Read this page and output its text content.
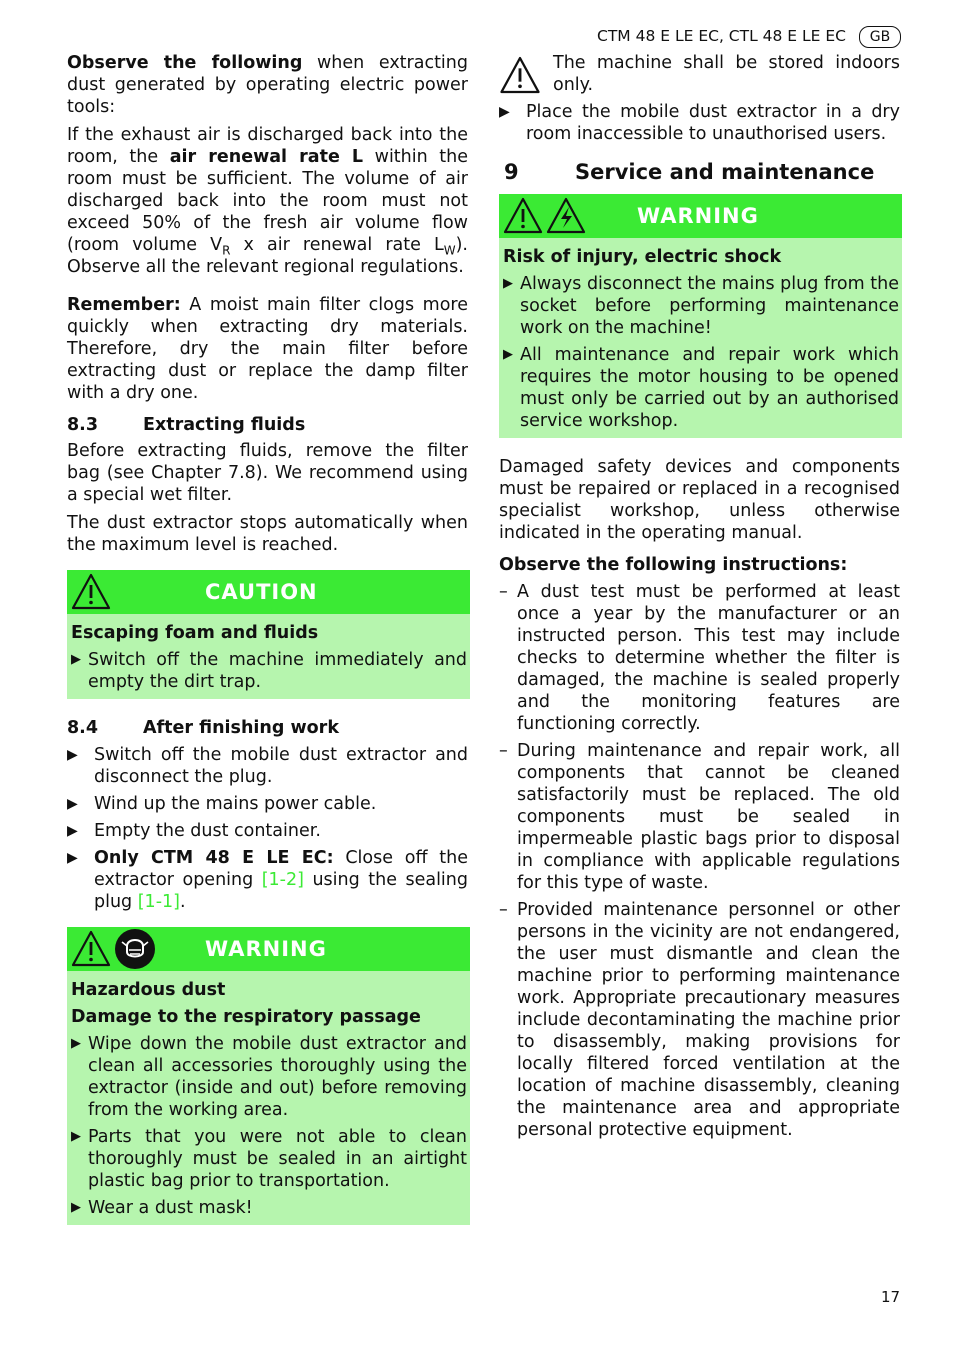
CTM 48 E LE EC, CTL 48 E LE EC	GB

Observe the following when extracting dust generated by operating electric power tools:

If the exhaust air is discharged back into the room, the air renewal rate L within the room must be sufficient. The volume of air discharged back into the room must not exceed 50% of the fresh air volume flow (room volume $V_R$ x air renewal rate $L_W$). Observe all the relevant regional regulations.

Remember: A moist main filter clogs more quickly when extracting dry materials. Therefore, dry the main filter before extracting dust or replace the damp filter with a dry one.

8.3	Extracting fluids

Before extracting fluids, remove the filter bag (see Chapter 7.8). We recommend using a special wet filter.

The dust extractor stops automatically when the maximum level is reached.

CAUTION
Escaping foam and fluids
▶ Switch off the machine immediately and empty the dirt trap.
8.4	After finishing work
▶ Switch off the mobile dust extractor and disconnect the plug.
▶ Wind up the mains power cable.
▶ Empty the dust container.
▶ Only CTM 48 E LE EC: Close off the extractor opening [1-2] using the sealing plug [1-1].
WARNING
Hazardous dust
Damage to the respiratory passage
▶ Wipe down the mobile dust extractor and clean all accessories thoroughly using the extractor (inside and out) before removing from the working area.
▶ Parts that you were not able to clean thoroughly must be sealed in an airtight plastic bag prior to transportation.
▶ Wear a dust mask!

The machine shall be stored indoors only.

▶ Place the mobile dust extractor in a dry room inaccessible to unauthorised users.
9	Service and maintenance
WARNING
Risk of injury, electric shock
▶ Always disconnect the mains plug from the socket before performing maintenance work on the machine!
▶ All maintenance and repair work which requires the motor housing to be opened must only be carried out by an authorised service workshop.

Damaged safety devices and components must be repaired or replaced in a recognised specialist workshop, unless otherwise indicated in the operating manual.

Observe the following instructions:

– A dust test must be performed at least once a year by the manufacturer or an instructed person. This test may include checks to determine whether the filter is damaged, the machine is sealed properly and the monitoring features are functioning correctly.
– During maintenance and repair work, all components that cannot be cleaned satisfactorily must be replaced. The old components must be sealed in impermeable plastic bags prior to disposal in compliance with applicable regulations for this type of waste.
– Provided maintenance personnel or other persons in the vicinity are not endangered, the user must dismantle and clean the machine prior to performing maintenance work. Appropriate precautionary measures include decontaminating the machine prior to disassembly, making provisions for locally filtered forced ventilation at the location of machine disassembly, cleaning the maintenance area and appropriate personal protective equipment.
17
